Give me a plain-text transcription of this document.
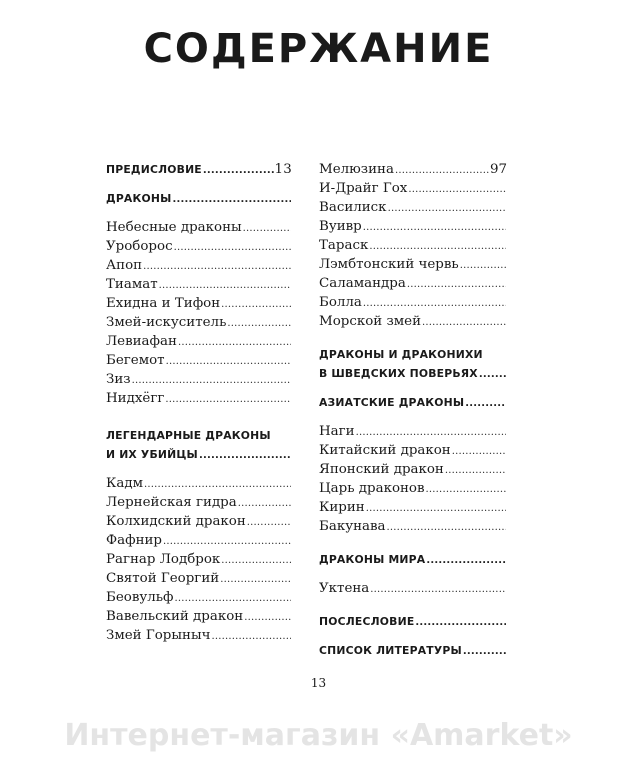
СОДЕРЖАНИЕ
ПРЕДИСЛОВИЕ .....	13
ДРАКОНЫ
.....
Небесные драконы
.....
Уроборос
.....
Апоп
.....
Тиамат
.....
Ехидна и Тифон
.....
Змей-искуситель
.....
Левиафан
.....
Бегемот
.....
Зиз
.....
Нидхёгг
.....
ЛЕГЕНДАРНЫЕ ДРАКОНЫ
И ИХ УБИЙЦЫ
.....
Кадм
.....
Лернейская гидра
.....
Колхидский дракон
.....
Фафнир
.....
Рагнар Лодброк
.....
Святой Георгий
.....
Беовульф
.....
Вавельский дракон
.....
Змей Горыныч
.....
Мелюзина .....	97
И-Драйг Гох
.....
Василиск
.....
Вуивр
.....
Тараск
.....
Лэмбтонский червь
.....
Саламандра
.....
Болла
.....
Морской змей
.....
ДРАКОНЫ И ДРАКОНИХИ
В ШВЕДСКИХ ПОВЕРЬЯХ
.....
АЗИАТСКИЕ ДРАКОНЫ
.....
Наги
.....
Китайский дракон
.....
Японский дракон
.....
Царь драконов
.....
Кирин
.....
Бакунава
.....
ДРАКОНЫ МИРА
.....
Уктена
.....
ПОСЛЕСЛОВИЕ
.....
СПИСОК ЛИТЕРАТУРЫ
.....
13
Интернет-магазин «Amarket»
